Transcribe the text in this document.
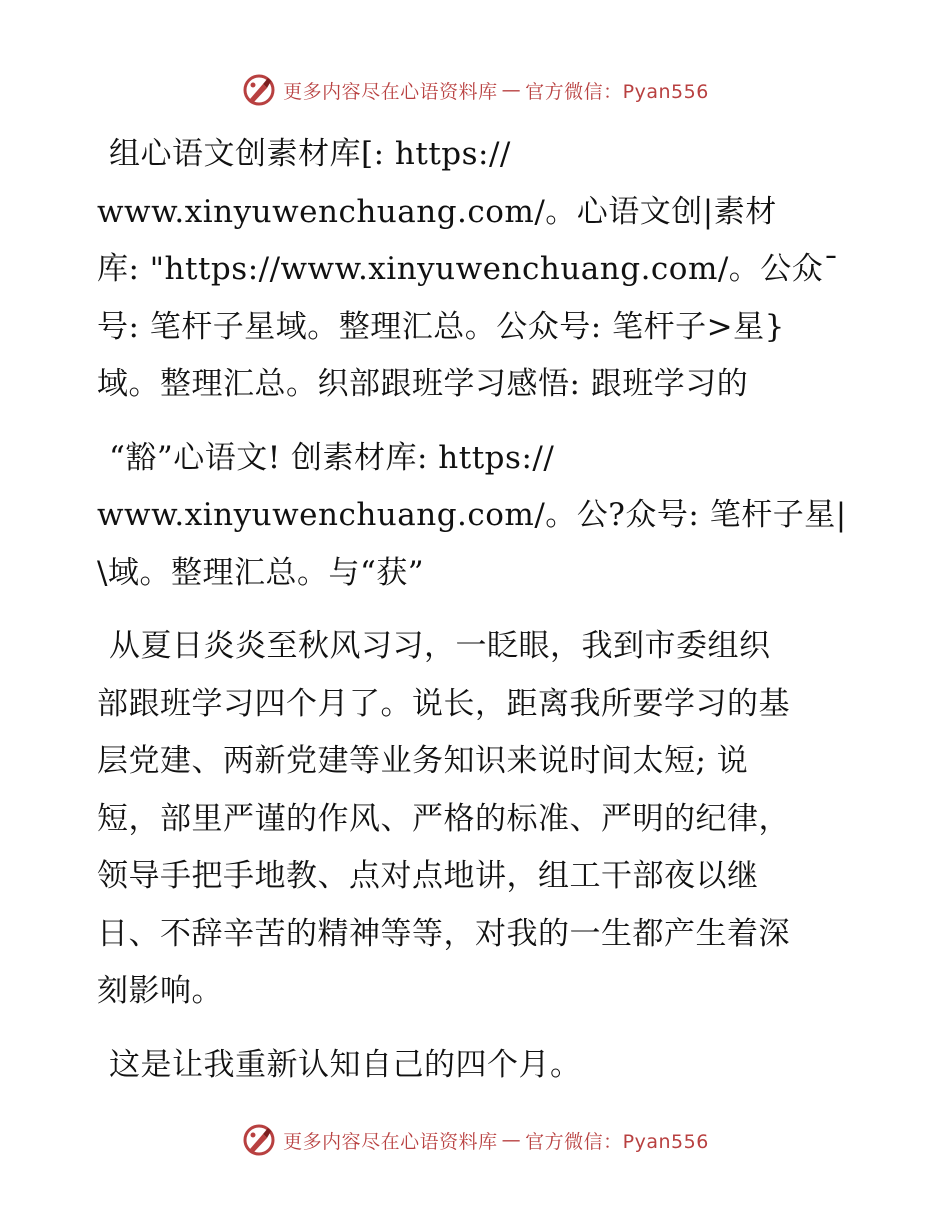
更多内容尽在心语资料库 — 官方微信：Pyan556
组心语文创素材库[: https://
www.xinyuwenchuang.com/。心语文创|素材
库: "https://www.xinyuwenchuang.com/。公众¯
号: 笔杆子星域。整理汇总。公众号: 笔杆子>星}
域。整理汇总。织部跟班学习感悟: 跟班学习的
“豁”心语文! 创素材库: https://
www.xinyuwenchuang.com/。公?众号: 笔杆子星|
\域。整理汇总。与“获”
从夏日炎炎至秋风习习，一眨眼，我到市委组织
部跟班学习四个月了。说长，距离我所要学习的基
层党建、两新党建等业务知识来说时间太短; 说
短，部里严谨的作风、严格的标准、严明的纪律，
领导手把手地教、点对点地讲，组工干部夜以继
日、不辞辛苦的精神等等，对我的一生都产生着深
刻影响。
这是让我重新认知自己的四个月。
更多内容尽在心语资料库 — 官方微信：Pyan556
